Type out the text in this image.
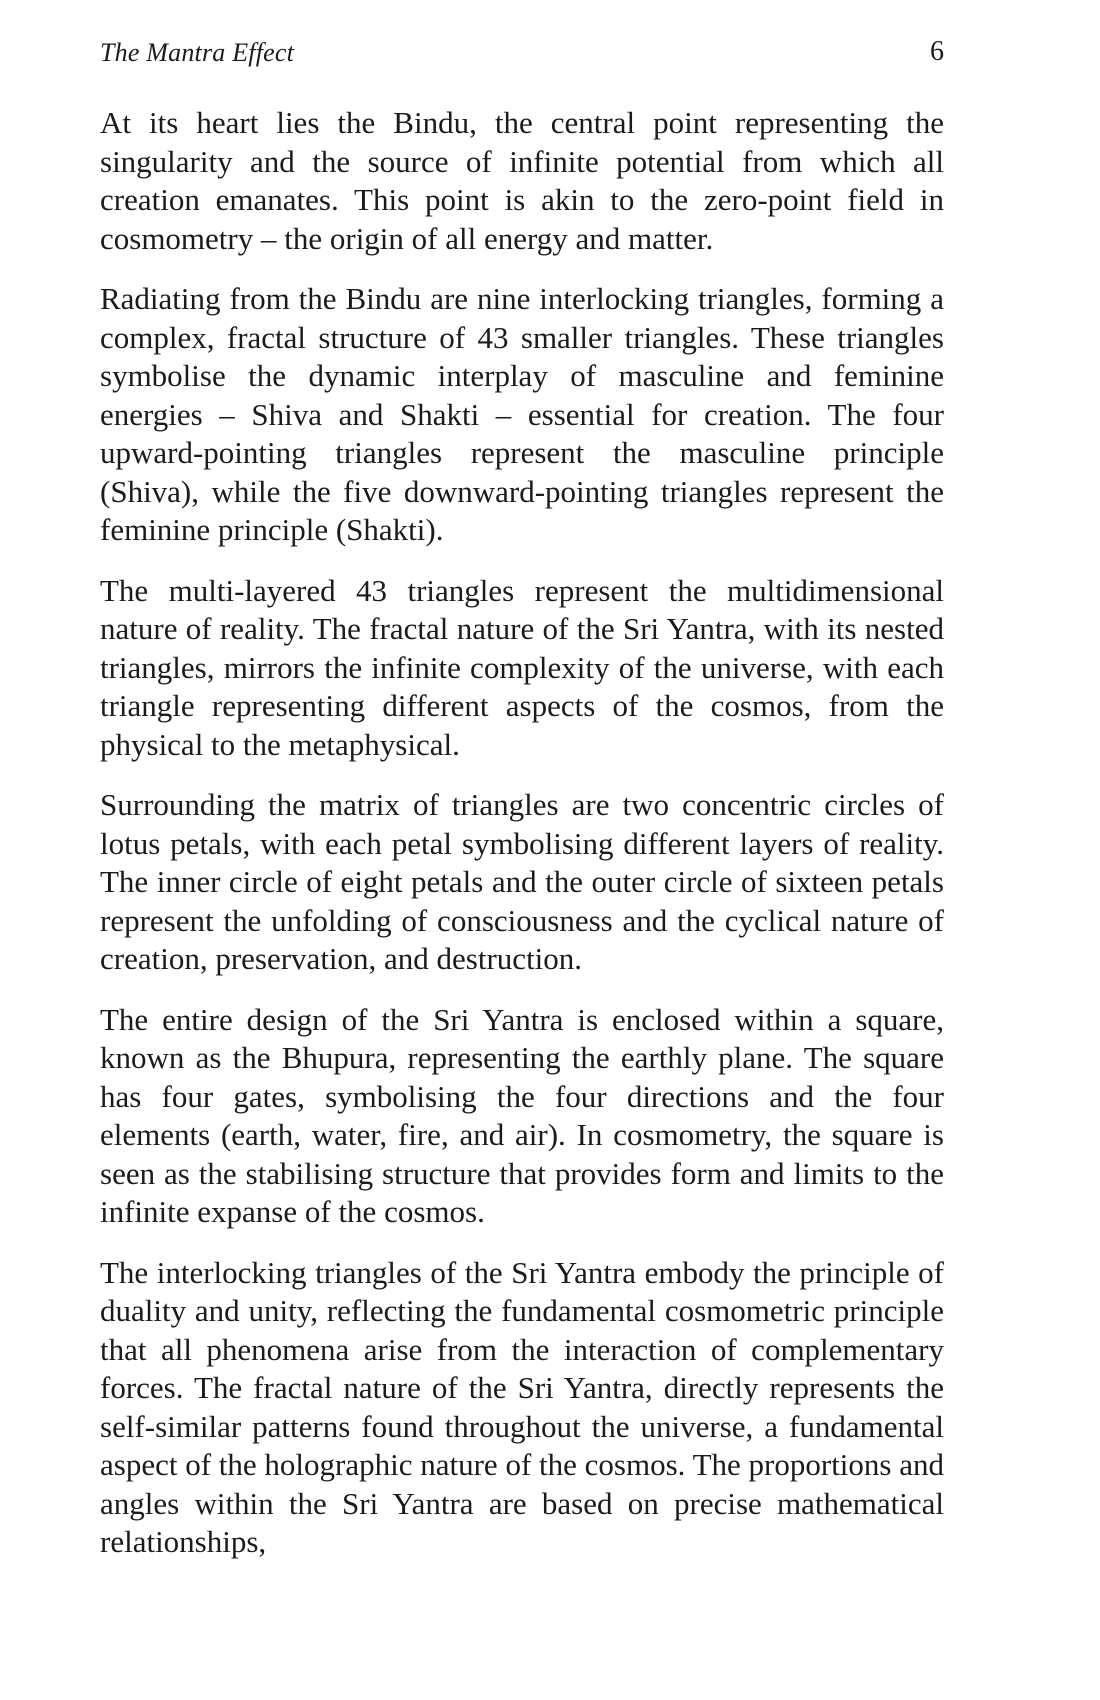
The Mantra Effect	6

At its heart lies the Bindu, the central point representing the singularity and the source of infinite potential from which all creation emanates. This point is akin to the zero-point field in cosmometry – the origin of all energy and matter.

Radiating from the Bindu are nine interlocking triangles, forming a complex, fractal structure of 43 smaller triangles. These triangles symbolise the dynamic interplay of masculine and feminine energies – Shiva and Shakti – essential for creation. The four upward-pointing triangles represent the masculine principle (Shiva), while the five downward-pointing triangles represent the feminine principle (Shakti).

The multi-layered 43 triangles represent the multidimensional nature of reality. The fractal nature of the Sri Yantra, with its nested triangles, mirrors the infinite complexity of the universe, with each triangle representing different aspects of the cosmos, from the physical to the metaphysical.

Surrounding the matrix of triangles are two concentric circles of lotus petals, with each petal symbolising different layers of reality. The inner circle of eight petals and the outer circle of sixteen petals represent the unfolding of consciousness and the cyclical nature of creation, preservation, and destruction.

The entire design of the Sri Yantra is enclosed within a square, known as the Bhupura, representing the earthly plane. The square has four gates, symbolising the four directions and the four elements (earth, water, fire, and air). In cosmometry, the square is seen as the stabilising structure that provides form and limits to the infinite expanse of the cosmos.

The interlocking triangles of the Sri Yantra embody the principle of duality and unity, reflecting the fundamental cosmometric principle that all phenomena arise from the interaction of complementary forces. The fractal nature of the Sri Yantra, directly represents the self-similar patterns found throughout the universe, a fundamental aspect of the holographic nature of the cosmos. The proportions and angles within the Sri Yantra are based on precise mathematical relationships,
